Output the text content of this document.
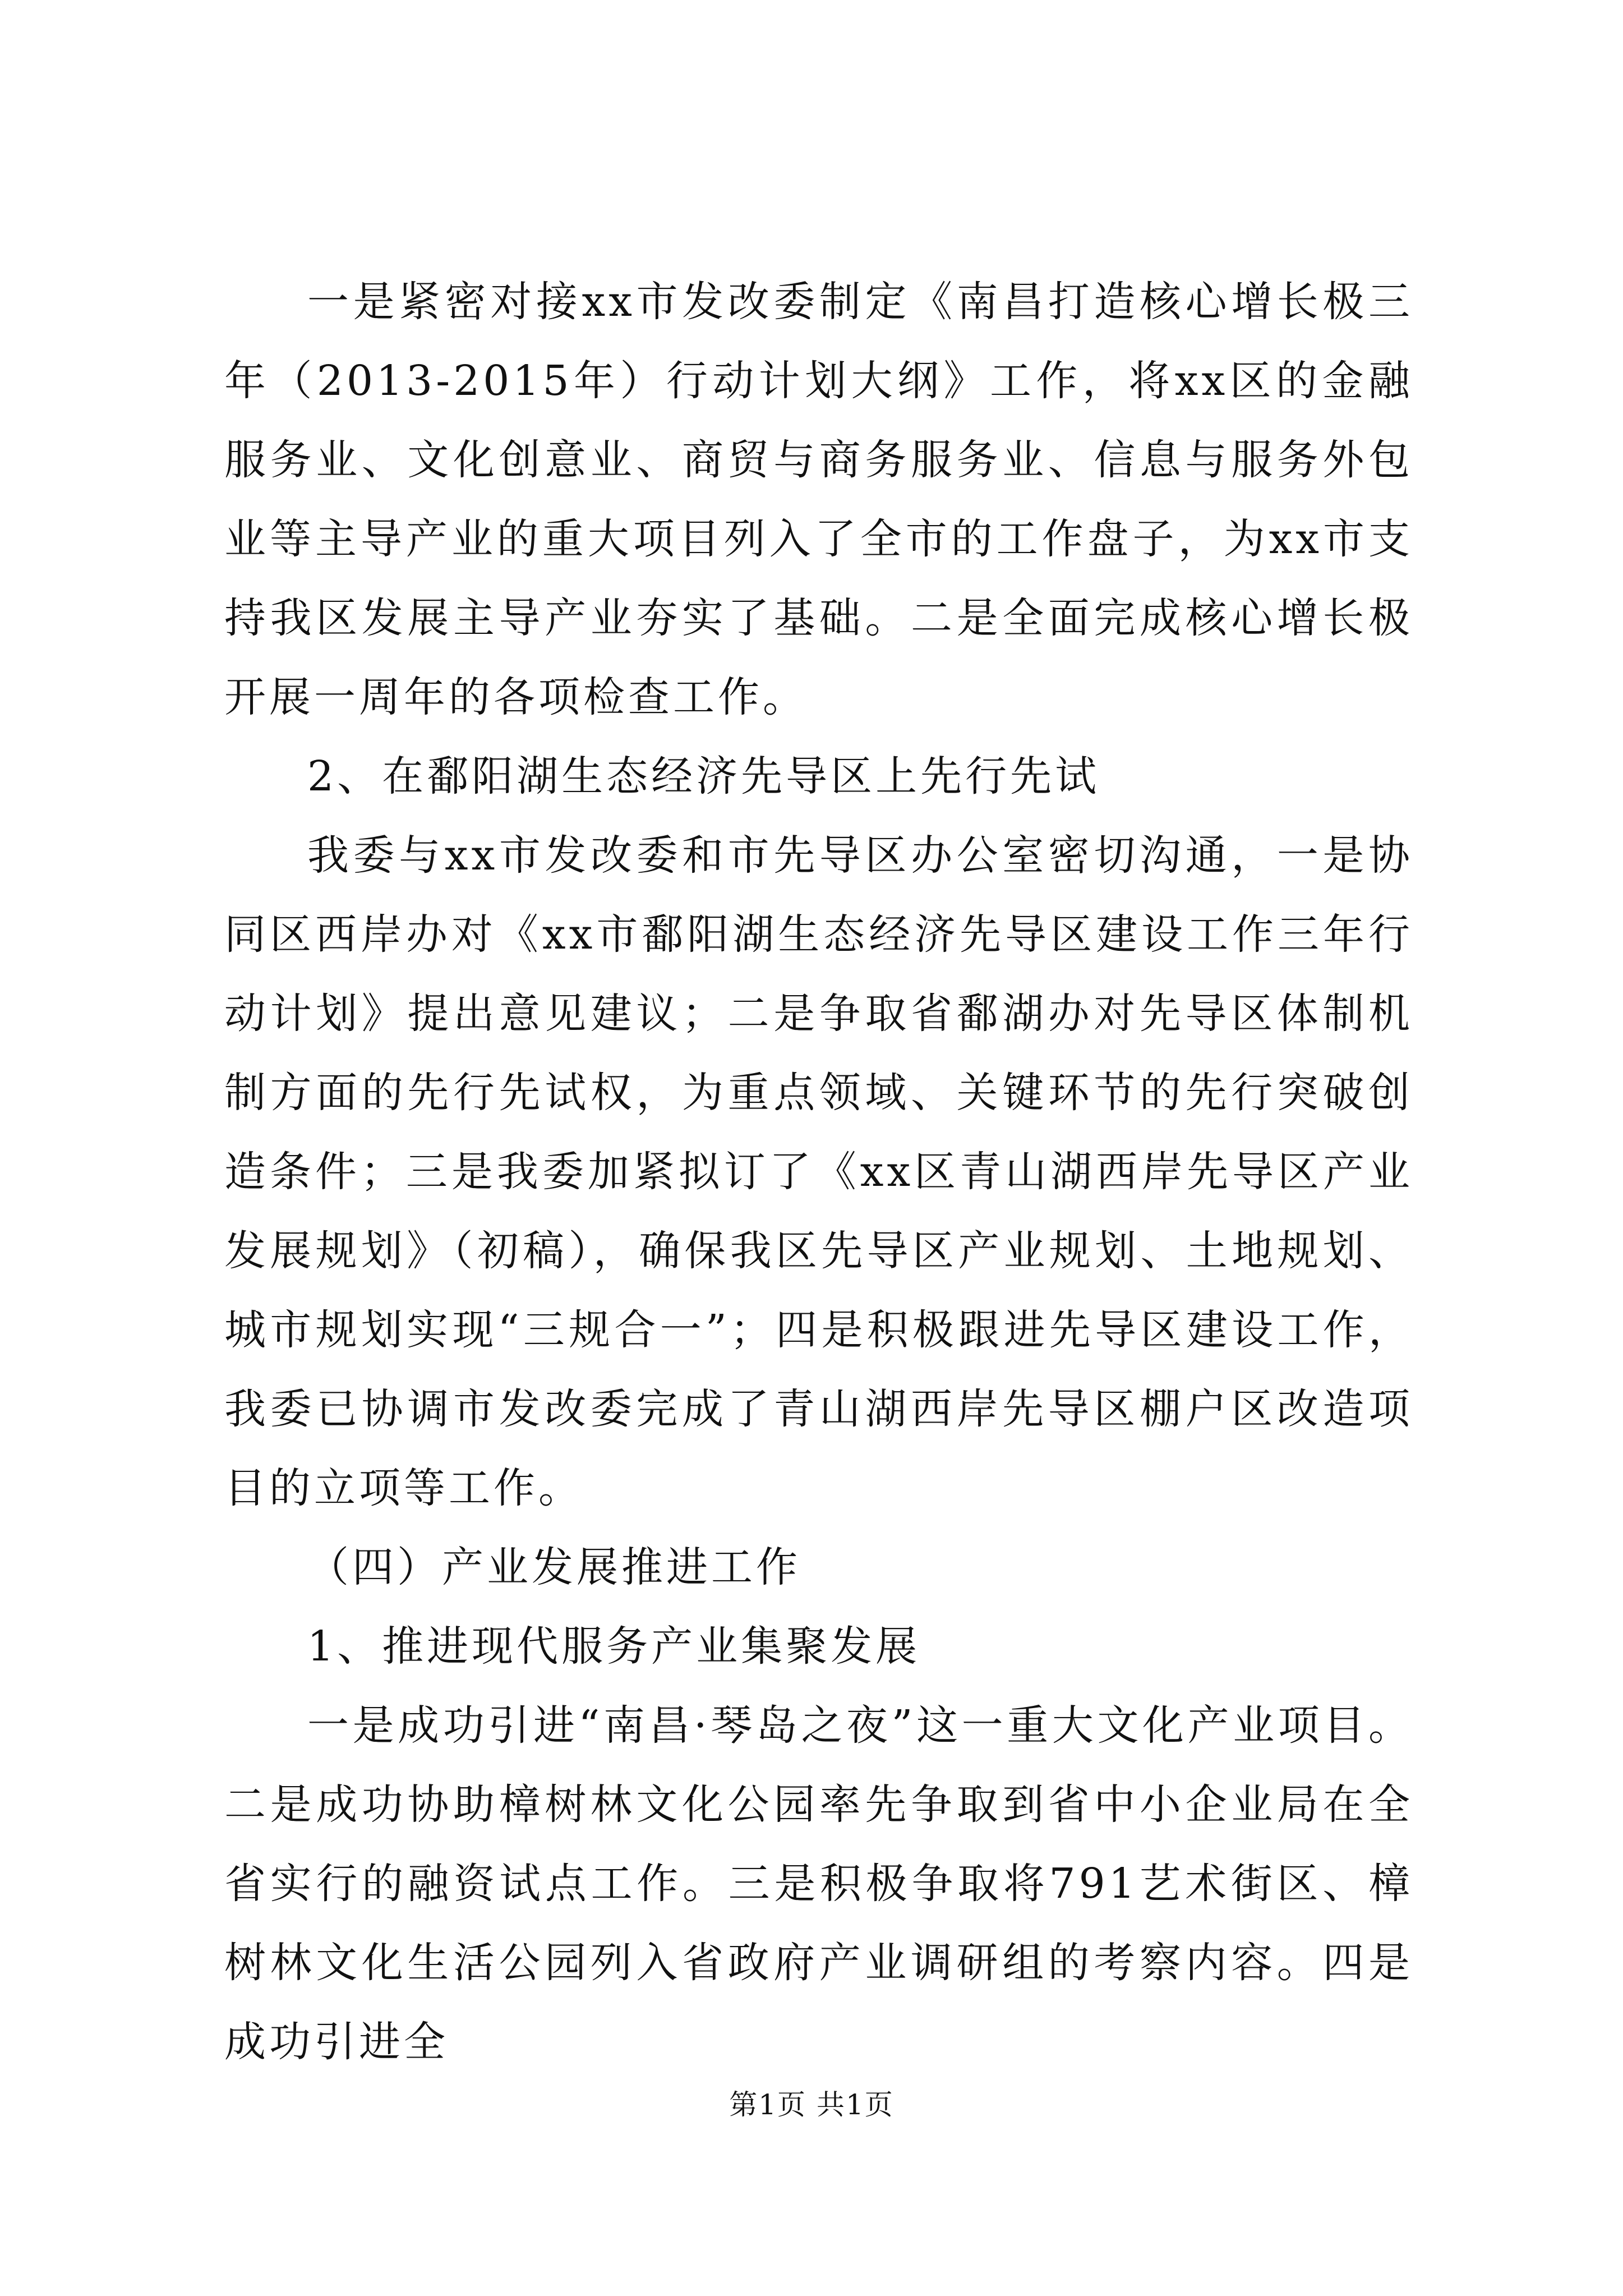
一是紧密对接xx市发改委制定《南昌打造核心增长极三年（2013-2015年）行动计划大纲》工作，将xx区的金融服务业、文化创意业、商贸与商务服务业、信息与服务外包业等主导产业的重大项目列入了全市的工作盘子，为xx市支持我区发展主导产业夯实了基础。二是全面完成核心增长极开展一周年的各项检查工作。

2、在鄱阳湖生态经济先导区上先行先试

我委与xx市发改委和市先导区办公室密切沟通，一是协同区西岸办对《xx市鄱阳湖生态经济先导区建设工作三年行动计划》提出意见建议；二是争取省鄱湖办对先导区体制机制方面的先行先试权，为重点领域、关键环节的先行突破创造条件；三是我委加紧拟订了《xx区青山湖西岸先导区产业发展规划》（初稿），确保我区先导区产业规划、土地规划、城市规划实现“三规合一”；四是积极跟进先导区建设工作，我委已协调市发改委完成了青山湖西岸先导区棚户区改造项目的立项等工作。

（四）产业发展推进工作

1、推进现代服务产业集聚发展

一是成功引进“南昌·琴岛之夜”这一重大文化产业项目。二是成功协助樟树林文化公园率先争取到省中小企业局在全省实行的融资试点工作。三是积极争取将791艺术街区、樟树林文化生活公园列入省政府产业调研组的考察内容。四是成功引进全

第1页 共1页
